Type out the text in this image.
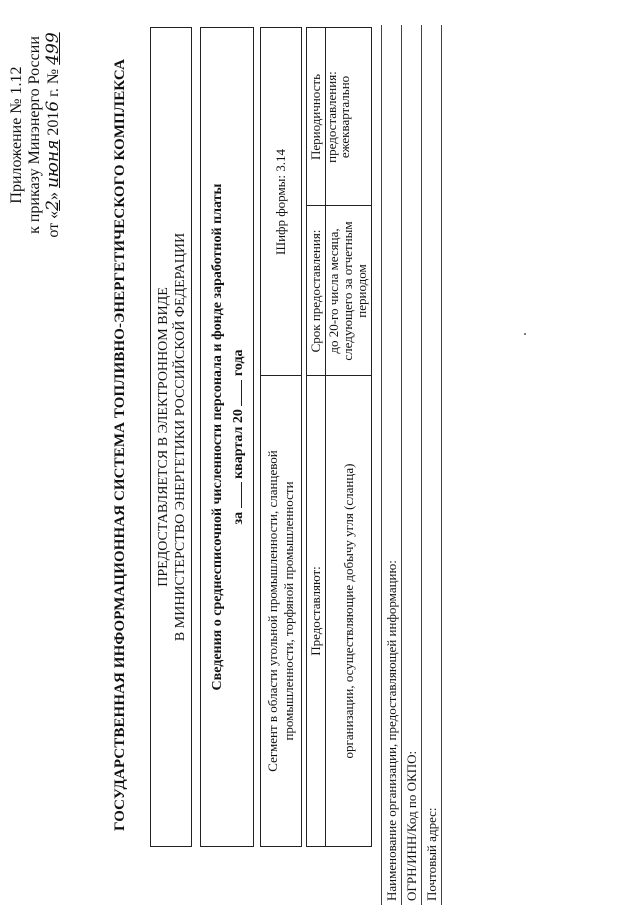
Приложение № 1.12 к приказу Минэнерго России от «2» июня 2016 г. № 499
ГОСУДАРСТВЕННАЯ ИНФОРМАЦИОННАЯ СИСТЕМА ТОПЛИВНО-ЭНЕРГЕТИЧЕСКОГО КОМПЛЕКСА	ПРЕДОСТАВЛЯЕТСЯ В ЭЛЕКТРОННОМ ВИДЕ В МИНИСТЕРСТВО ЭНЕРГЕТИКИ РОССИЙСКОЙ ФЕДЕРАЦИИ	Сведения о среднесписочной численности персонала и фонде заработной платы за  квартал 20  года
Сегмент в области угольной промышленности, сланцевой промышленности, торфяной промышленности
Шифр формы: 3.14
Предоставляют:
Срок предоставления:
Периодичность предоставления:
организации, осуществляющие добычу угля (сланца)
до 20-го числа месяца, следующего за отчетным периодом
ежеквартально
Наименование организации, предоставляющей информацию: ОГРН/ИНН/Код по ОКПО: Почтовый адрес:
